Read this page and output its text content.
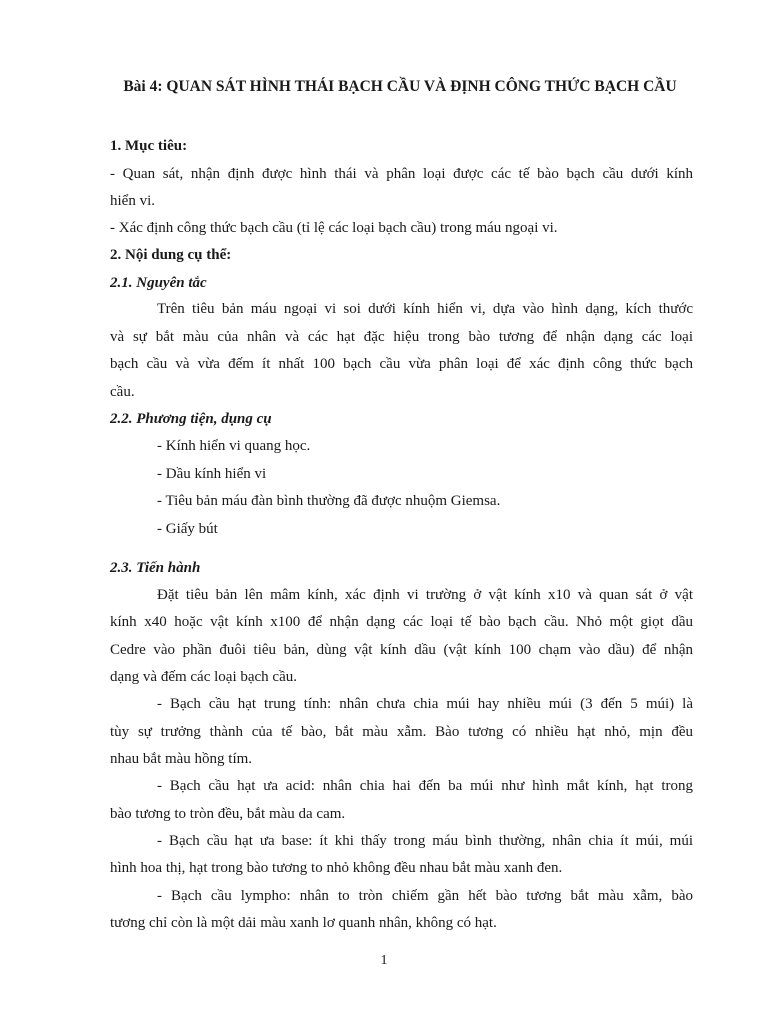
Bài 4: QUAN SÁT HÌNH THÁI BẠCH CẦU VÀ ĐỊNH CÔNG THỨC BẠCH CẦU
1. Mục tiêu:
- Quan sát, nhận định được hình thái và phân loại được các tế bào bạch cầu dưới kính
hiển vi.
- Xác định công thức bạch cầu (tỉ lệ các loại bạch cầu) trong máu ngoại vi.
2. Nội dung cụ thể:
2.1. Nguyên tắc
Trên tiêu bản máu ngoại vi soi dưới kính hiển vi, dựa vào hình dạng, kích thước
và sự bắt màu của nhân và các hạt đặc hiệu trong bào tương để nhận dạng các loại
bạch cầu và vừa đếm ít nhất 100 bạch cầu vừa phân loại để xác định công thức bạch
cầu.
2.2. Phương tiện, dụng cụ
- Kính hiển vi quang học.
- Dầu kính hiển vi
- Tiêu bản máu đàn bình thường đã được nhuộm Giemsa.
- Giấy bút
2.3. Tiến hành
Đặt tiêu bản lên mâm kính, xác định vi trường ở vật kính x10 và quan sát ở vật
kính x40 hoặc vật kính x100 để nhận dạng các loại tế bào bạch cầu. Nhỏ một giọt dầu
Cedre vào phần đuôi tiêu bản, dùng vật kính dầu (vật kính 100 chạm vào dầu) để nhận
dạng và đếm các loại bạch cầu.
- Bạch cầu hạt trung tính: nhân chưa chia múi hay nhiều múi (3 đến 5 múi) là
tùy sự trưởng thành của tế bào, bắt màu xẫm. Bào tương có nhiều hạt nhỏ, mịn đều
nhau bắt màu hồng tím.
- Bạch cầu hạt ưa acid: nhân chia hai đến ba múi như hình mắt kính, hạt trong
bào tương to tròn đều, bắt màu da cam.
- Bạch cầu hạt ưa base: ít khi thấy trong máu bình thường, nhân chia ít múi, múi
hình hoa thị, hạt trong bào tương to nhỏ không đều nhau bắt màu xanh đen.
- Bạch cầu lympho: nhân to tròn chiếm gần hết bào tương bắt màu xẫm, bào
tương chỉ còn là một dải màu xanh lơ quanh nhân, không có hạt.
1
